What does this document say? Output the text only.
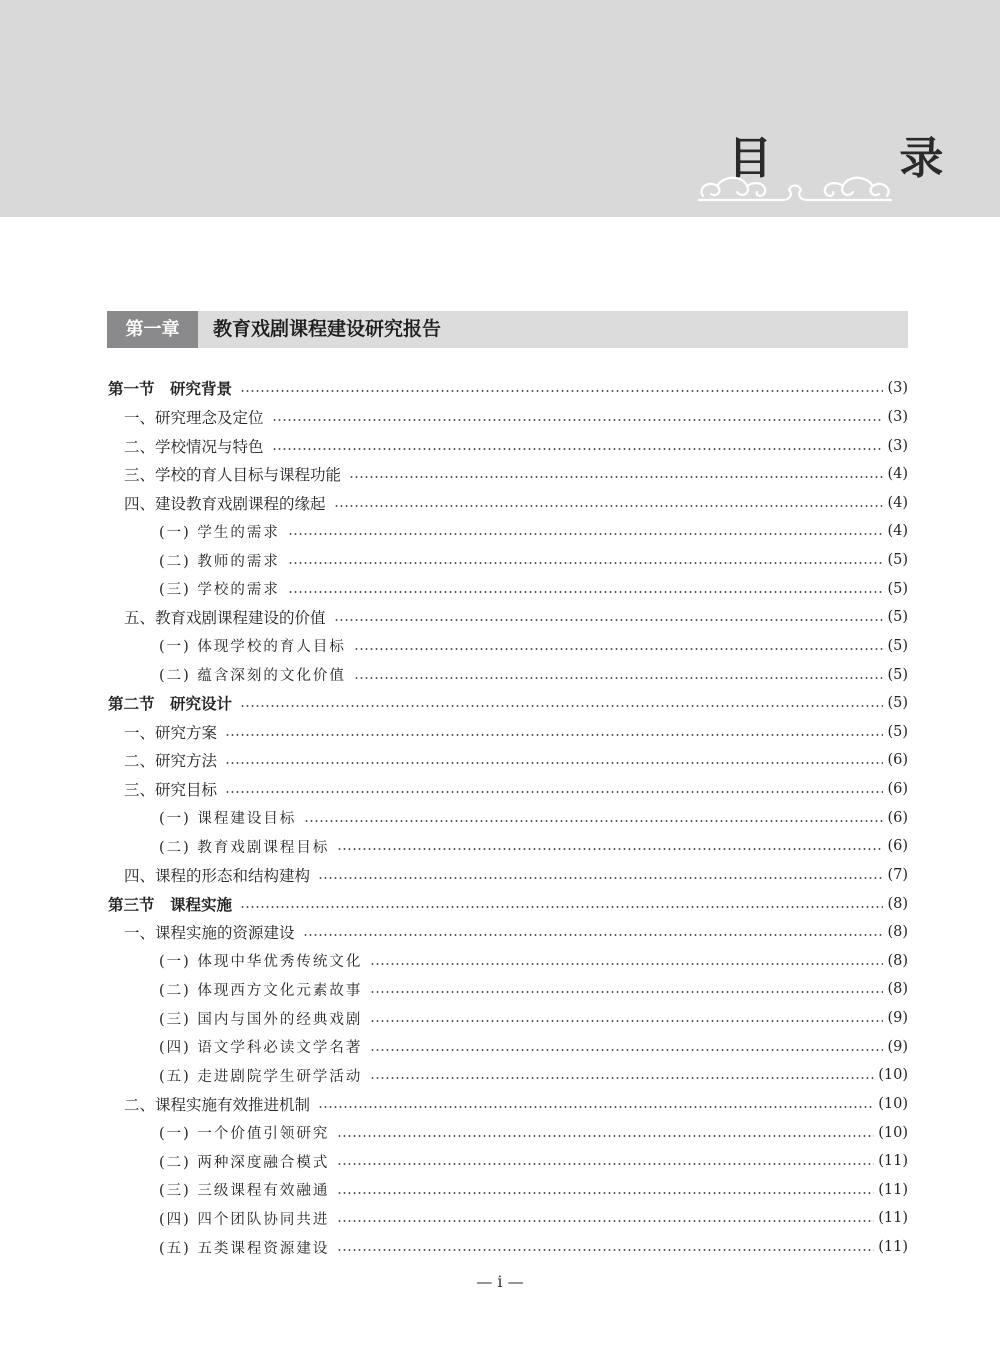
目 录
第一章	教育戏剧课程建设研究报告
第一节　研究背景	(3)
一、研究理念及定位	(3)
二、学校情况与特色	(3)
三、学校的育人目标与课程功能	(4)
四、建设教育戏剧课程的缘起	(4)
(一) 学生的需求	(4)
(二) 教师的需求	(5)
(三) 学校的需求	(5)
五、教育戏剧课程建设的价值	(5)
(一) 体现学校的育人目标	(5)
(二) 蕴含深刻的文化价值	(5)
第二节　研究设计	(5)
一、研究方案	(5)
二、研究方法	(6)
三、研究目标	(6)
(一) 课程建设目标	(6)
(二) 教育戏剧课程目标	(6)
四、课程的形态和结构建构	(7)
第三节　课程实施	(8)
一、课程实施的资源建设	(8)
(一) 体现中华优秀传统文化	(8)
(二) 体现西方文化元素故事	(8)
(三) 国内与国外的经典戏剧	(9)
(四) 语文学科必读文学名著	(9)
(五) 走进剧院学生研学活动	(10)
二、课程实施有效推进机制	(10)
(一) 一个价值引领研究	(10)
(二) 两种深度融合模式	(11)
(三) 三级课程有效融通	(11)
(四) 四个团队协同共进	(11)
(五) 五类课程资源建设	(11)
— i —
